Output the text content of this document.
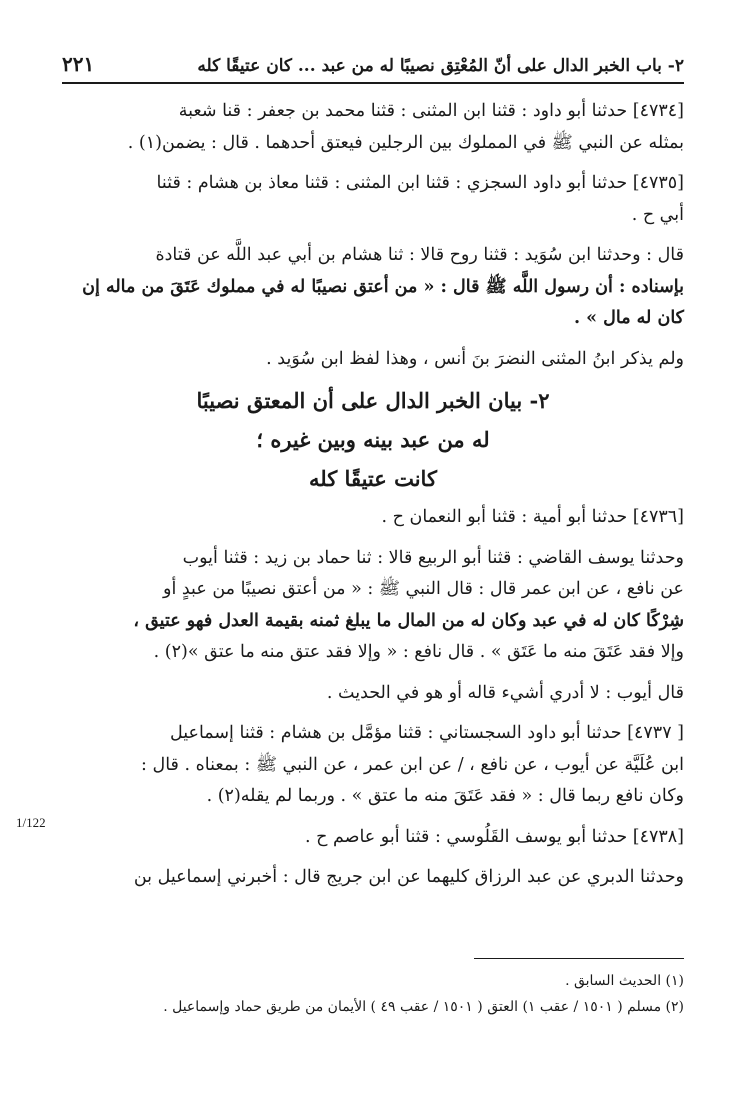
٢- باب الخبر الدال على أنّ المُعْتِق نصيبًا له من عبد ... كان عتيقًا كله
٢٢١

[٤٧٣٤] حدثنا أبو داود : قثنا ابن المثنى : قثنا محمد بن جعفر : قنا شعبة
بمثله عن النبي ﷺ في المملوك بين الرجلين فيعتق أحدهما . قال : يضمن(١) .

[٤٧٣٥] حدثنا أبو داود السجزي : قثنا ابن المثنى : قثنا معاذ بن هشام : قثنا
أبي ح .

قال : وحدثنا ابن سُوَيد : قثنا روح قالا : ثنا هشام بن أبي عبد اللَّه عن قتادة
بإسناده : أن رسول اللَّه ﷺ قال : « من أعتق نصيبًا له في مملوك عَتَقَ من ماله إن
كان له مال » .

ولم يذكر ابنُ المثنى النضرَ بنَ أنس ، وهذا لفظ ابن سُوَيد .

٢- بيان الخبر الدال على أن المعتق نصيبًا
له من عبد بينه وبين غيره ؛
كانت عتيقًا كله

[٤٧٣٦] حدثنا أبو أمية : قثنا أبو النعمان ح .

وحدثنا يوسف القاضي : قثنا أبو الربيع قالا : ثنا حماد بن زيد : قثنا أيوب
عن نافع ، عن ابن عمر قال : قال النبي ﷺ : « من أعتق نصيبًا من عبدٍ أو
شِرْكًا كان له في عبد وكان له من المال ما يبلغ ثمنه بقيمة العدل فهو عتيق ،
وإلا فقد عَتَقَ منه ما عَتَق » . قال نافع : « وإلا فقد عتق منه ما عتق »(٢) .

قال أيوب : لا أدري أشيء قاله أو هو في الحديث .

[ ٤٧٣٧] حدثنا أبو داود السجستاني : قثنا مؤمَّل بن هشام : قثنا إسماعيل
ابن عُلَيَّة عن أيوب ، عن نافع ، / عن ابن عمر ، عن النبي ﷺ : بمعناه . قال :
وكان نافع ربما قال : « فقد عَتَقَ منه ما عتق » . وربما لم يقله(٢) .

[٤٧٣٨] حدثنا أبو يوسف القَلُوسي : قثنا أبو عاصم ح .

وحدثنا الدبري عن عبد الرزاق كليهما عن ابن جريج قال : أخبرني إسماعيل بن

1/122
(١) الحديث السابق .
(٢) مسلم ( ١٥٠١ / عقب ١) العتق ( ١٥٠١ / عقب ٤٩ ) الأيمان من طريق حماد وإسماعيل .
